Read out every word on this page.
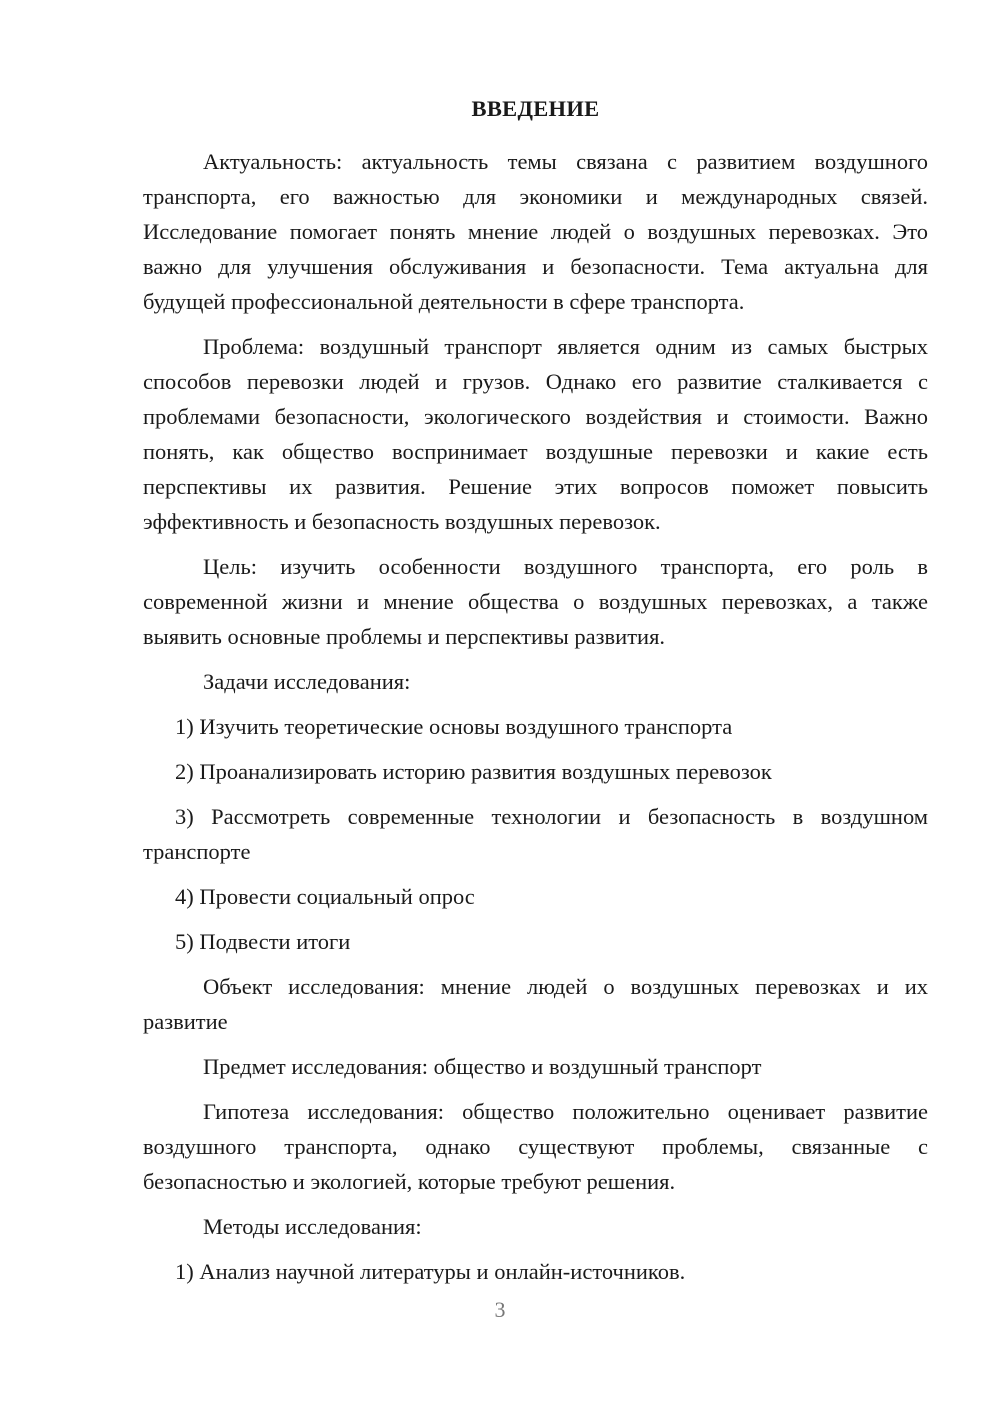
ВВЕДЕНИЕ

Актуальность: актуальность темы связана с развитием воздушного транспорта, его важностью для экономики и международных связей. Исследование помогает понять мнение людей о воздушных перевозках. Это важно для улучшения обслуживания и безопасности. Тема актуальна для будущей профессиональной деятельности в сфере транспорта.

Проблема: воздушный транспорт является одним из самых быстрых способов перевозки людей и грузов. Однако его развитие сталкивается с проблемами безопасности, экологического воздействия и стоимости. Важно понять, как общество воспринимает воздушные перевозки и какие есть перспективы их развития. Решение этих вопросов поможет повысить эффективность и безопасность воздушных перевозок.

Цель: изучить особенности воздушного транспорта, его роль в современной жизни и мнение общества о воздушных перевозках, а также выявить основные проблемы и перспективы развития.

Задачи исследования:

1) Изучить теоретические основы воздушного транспорта

2) Проанализировать историю развития воздушных перевозок

3) Рассмотреть современные технологии и безопасность в воздушном транспорте

4) Провести социальный опрос

5) Подвести итоги

Объект исследования: мнение людей о воздушных перевозках и их развитие

Предмет исследования: общество и воздушный транспорт

Гипотеза исследования: общество положительно оценивает развитие воздушного транспорта, однако существуют проблемы, связанные с безопасностью и экологией, которые требуют решения.

Методы исследования:

1) Анализ научной литературы и онлайн-источников.

3
